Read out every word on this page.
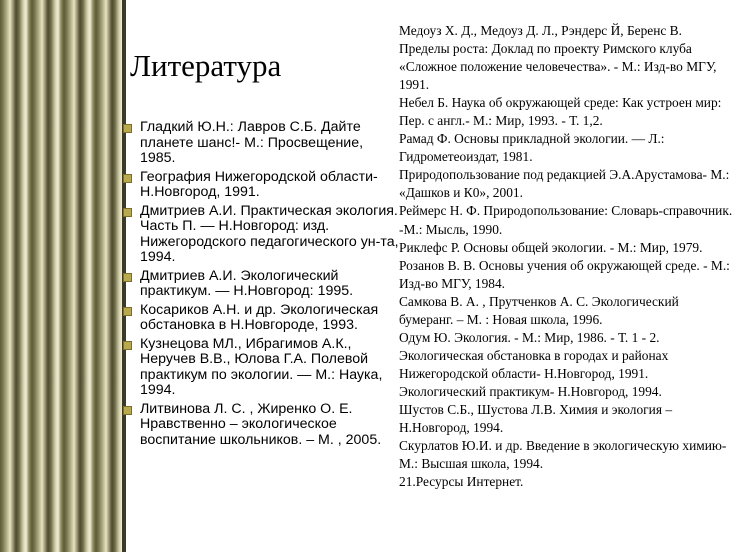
Литература
Гладкий Ю.Н.: Лавров С.Б. Дайте планете шанс!- М.: Просвещение, 1985.
География Нижегородской области- Н.Новгород, 1991.
Дмитриев А.И. Практическая экология. Часть П. — Н.Новгород: изд. Нижегородского педагогического ун-та, 1994.
Дмитриев А.И. Экологический практикум. — Н.Новгород: 1995.
Косариков А.Н. и др. Экологическая обстановка в Н.Новгороде, 1993.
Кузнецова МЛ., Ибрагимов А.К., Неручев В.В., Юлова Г.А. Полевой практикум по экологии. — М.: Наука, 1994.
Литвинова Л. С. , Жиренко О. Е. Нравственно – экологическое воспитание школьников. – М. , 2005.

Медоуз X. Д., Медоуз Д. Л., Рэндерс Й, Беренс В. Пределы роста: Доклад по проекту Римского клуба «Сложное положение человечества». - М.: Изд-во МГУ, 1991.

Небел Б. Наука об окружающей среде: Как устроен мир: Пер. с англ.- М.: Мир, 1993. - Т. 1,2.

Рамад Ф. Основы прикладной экологии. — Л.: Гидрометеоиздат, 1981.

Природопользование под редакцией Э.А.Арустамова- М.: «Дашков и К0», 2001.

Реймерс Н. Ф. Природопользование: Словарь-справочник. -М.: Мысль, 1990.

Риклефс Р. Основы общей экологии. - М.: Мир, 1979.

Розанов В. В. Основы учения об окружающей среде. - М.: Изд-во МГУ, 1984.

Самкова В. А. , Прутченков А. С. Экологический бумеранг. – М. : Новая школа, 1996.

Одум Ю. Экология. - М.: Мир, 1986. - Т. 1 - 2.

Экологическая обстановка в городах и районах Нижегородской области- Н.Новгород, 1991.

Экологический практикум- Н.Новгород, 1994.

Шустов С.Б., Шустова Л.В. Химия и экология – Н.Новгород, 1994.

Скурлатов Ю.И. и др. Введение в экологическую химию- М.: Высшая школа, 1994.

21.Ресурсы Интернет.
